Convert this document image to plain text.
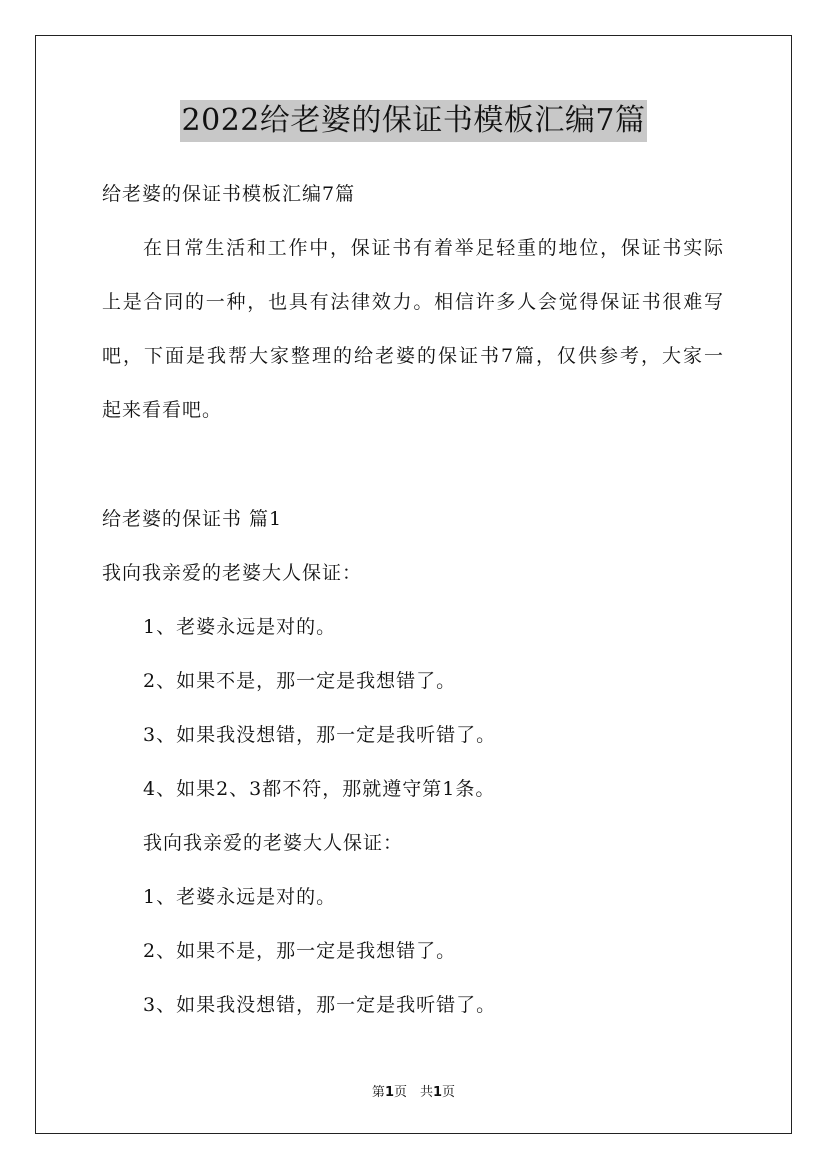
2022给老婆的保证书模板汇编7篇
给老婆的保证书模板汇编7篇
在日常生活和工作中，保证书有着举足轻重的地位，保证书实际
上是合同的一种，也具有法律效力。相信许多人会觉得保证书很难写
吧，下面是我帮大家整理的给老婆的保证书7篇，仅供参考，大家一
起来看看吧。
给老婆的保证书 篇1
我向我亲爱的老婆大人保证：
1、老婆永远是对的。
2、如果不是，那一定是我想错了。
3、如果我没想错，那一定是我听错了。
4、如果2、3都不符，那就遵守第1条。
我向我亲爱的老婆大人保证：
1、老婆永远是对的。
2、如果不是，那一定是我想错了。
3、如果我没想错，那一定是我听错了。
第1页　共1页
